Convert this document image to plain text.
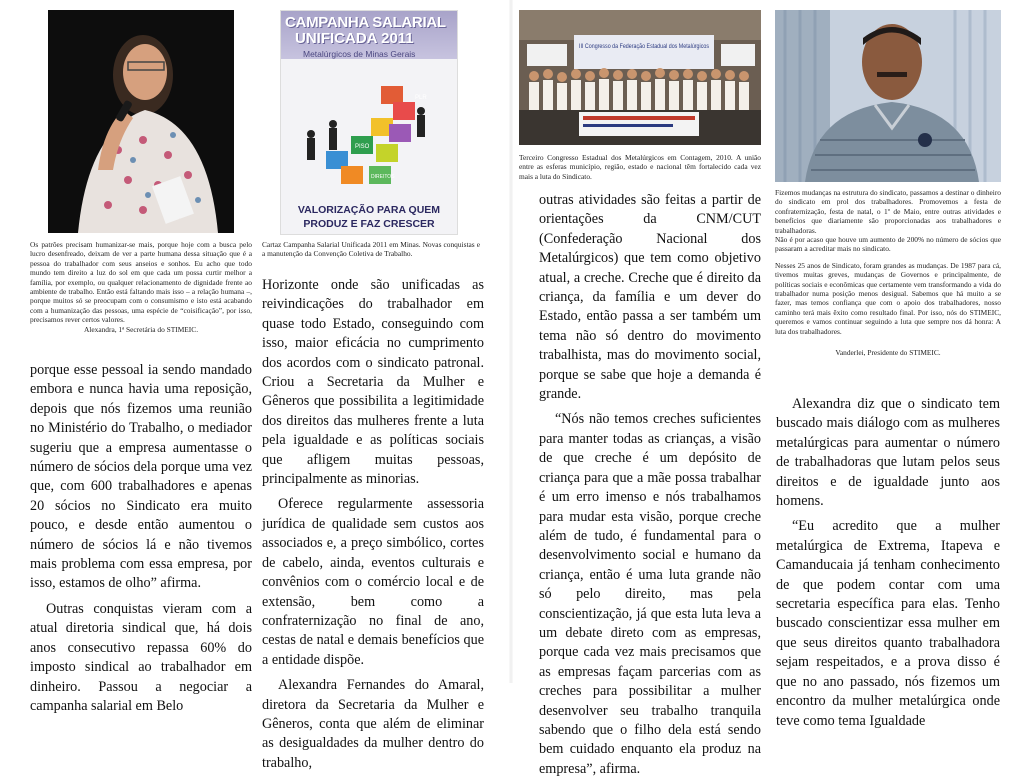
CAMPANHA SALARIAL
UNIFICADA 2011
Metalúrgicos de Minas Gerais
PLR
PISO
DIREITOS
VALORIZAÇÃO PARA QUEM
PRODUZ E FAZ CRESCER
III Congresso da Federação Estadual dos Metalúrgicos

Os patrões precisam humanizar-se mais, porque hoje com a busca pelo lucro desenfreado, deixam de ver a parte humana dessa situação que é a pessoa do trabalhador com seus anseios e sonhos. Eu acho que todo mundo tem direito a luz do sol em que cada um possa curtir melhor a família, por exemplo, ou qualquer relacionamento de dignidade frente ao ambiente de trabalho. Então está faltando mais isso – a relação humana –, porque muitos só se preocupam com o consumismo e isto está acabando com a humanização das pessoas, uma espécie de “coisificação”, por isso, precisamos rever certos valores.

Alexandra, 1ª Secretária do STIMEIC.

Cartaz Campanha Salarial Unificada 2011 em Minas. Novas conquistas e a manutenção da Convenção Coletiva de Trabalho.

Terceiro Congresso Estadual dos Metalúrgicos em Contagem, 2010. A união entre as esferas município, região, estado e nacional têm fortalecido cada vez mais a luta do Sindicato.

Fizemos mudanças na estrutura do sindicato, passamos a destinar o dinheiro do sindicato em prol dos trabalhadores. Promovemos a festa de confraternização, festa de natal, o 1º de Maio, entre outras atividades e benefícios que diariamente são proporcionadas aos trabalhadores e trabalhadoras.

Não é por acaso que houve um aumento de 200% no número de sócios que passaram a acreditar mais no sindicato.

Nesses 25 anos de Sindicato, foram grandes as mudanças. De 1987 para cá, tivemos muitas greves, mudanças de Governos e principalmente, de políticas sociais e econômicas que certamente vem transformando a vida do trabalhador numa posição menos desigual. Sabemos que há muito a se fazer, mas temos confiança que com o apoio dos trabalhadores, nosso caminho terá mais êxito como resultado final. Por isso, nós do STIMEIC, queremos e vamos continuar seguindo a luta que sempre nos dá honra: A luta dos trabalhadores.

Vanderlei, Presidente do STIMEIC.

porque esse pessoal ia sendo mandado embora e nunca havia uma reposição, depois que nós fizemos uma reunião no Ministério do Trabalho, o mediador sugeriu que a empresa aumentasse o número de sócios dela porque uma vez que, com 600 trabalhadores e apenas 20 sócios no Sindicato era muito pouco, e desde então aumentou o número de sócios lá e não tivemos mais problema com essa empresa, por isso, estamos de olho” afirma.

Outras conquistas vieram com a atual diretoria sindical que, há dois anos consecutivo repassa 60% do imposto sindical ao trabalhador em dinheiro. Passou a negociar a campanha salarial em Belo

Horizonte onde são unificadas as reivindicações do trabalhador em quase todo Estado, conseguindo com isso, maior eficácia no cumprimento dos acordos com o sindicato patronal. Criou a Secretaria da Mulher e Gêneros que possibilita a legitimidade dos direitos das mulheres frente a luta pela igualdade e as políticas sociais que afligem muitas pessoas, principalmente as minorias.

Oferece regularmente assessoria jurídica de qualidade sem custos aos associados e, a preço simbólico, cortes de cabelo, ainda, eventos culturais e convênios com o comércio local e de extensão, bem como a confraternização no final de ano, cestas de natal e demais benefícios que a entidade dispõe.

Alexandra Fernandes do Amaral, diretora da Secretaria da Mulher e Gêneros, conta que além de eliminar as desigualdades da mulher dentro do trabalho,

outras atividades são feitas a partir de orientações da CNM/CUT (Confederação Nacional dos Metalúrgicos) que tem como objetivo atual, a creche. Creche que é direito da criança, da família e um dever do Estado, então passa a ser também um tema não só dentro do movimento trabalhista, mas do movimento social, porque se sabe que hoje a demanda é grande.

“Nós não temos creches suficientes para manter todas as crianças, a visão de que creche é um depósito de criança para que a mãe possa trabalhar é um erro imenso e nós trabalhamos para mudar esta visão, porque creche além de tudo, é fundamental para o desenvolvimento social e humano da criança, então é uma luta grande não só pelo direito, mas pela conscientização, já que esta luta leva a um debate direto com as empresas, porque cada vez mais precisamos que as empresas façam parcerias com as creches para possibilitar a mulher desenvolver seu trabalho tranquila sabendo que o filho dela está sendo bem cuidado enquanto ela produz na empresa”, afirma.

Alexandra diz que o sindicato tem buscado mais diálogo com as mulheres metalúrgicas para aumentar o número de trabalhadoras que lutam pelos seus direitos e de igualdade junto aos homens.

“Eu acredito que a mulher metalúrgica de Extrema, Itapeva e Camanducaia já tenham conhecimento de que podem contar com uma secretaria específica para elas. Tenho buscado conscientizar essa mulher em que seus direitos quanto trabalhadora sejam respeitados, e a prova disso é que no ano passado, nós fizemos um encontro da mulher metalúrgica onde teve como tema Igualdade
